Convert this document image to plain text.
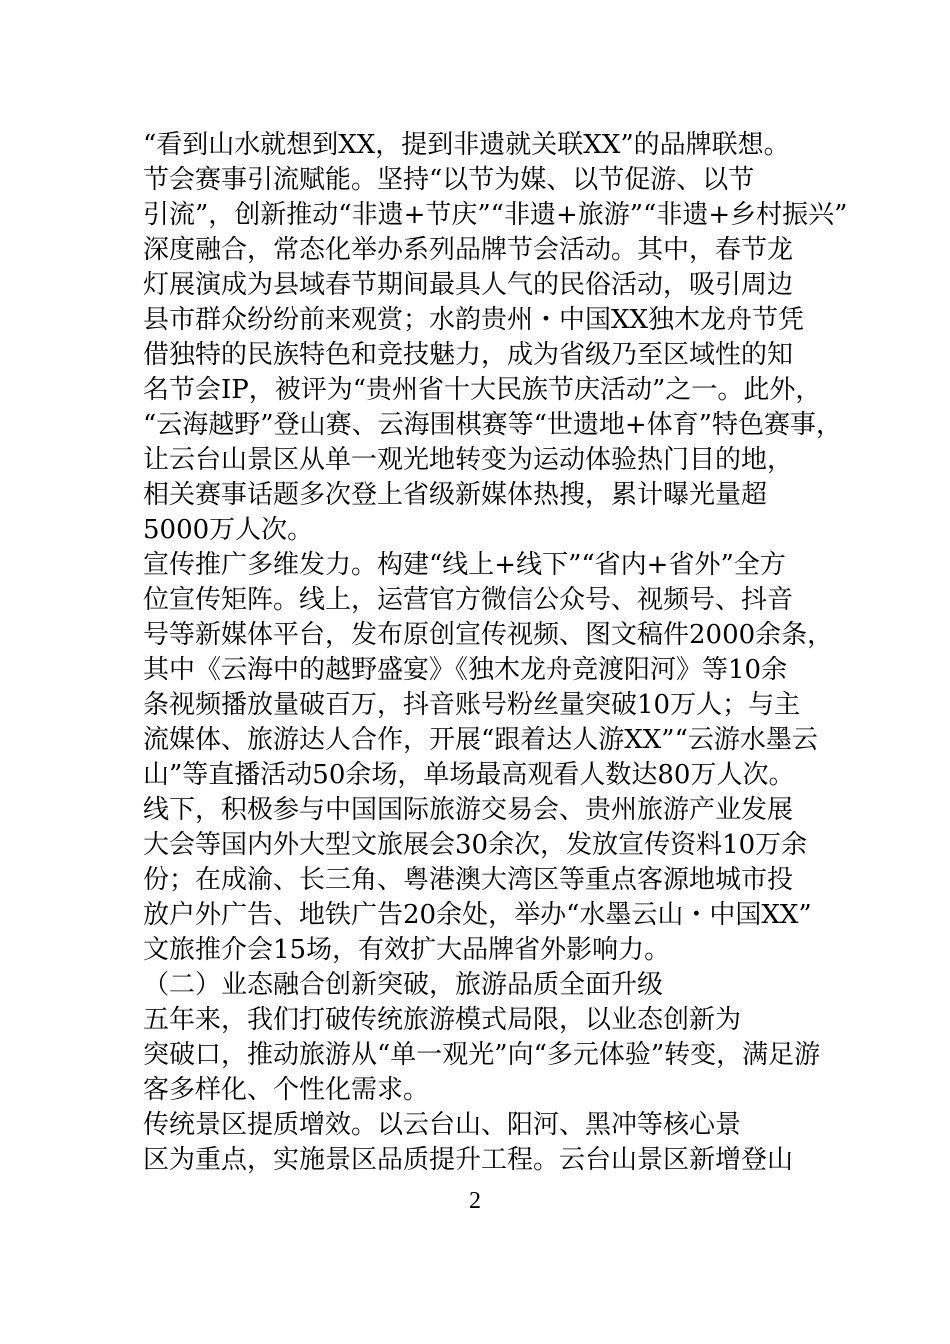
“看到山水就想到XX，提到非遗就关联XX”的品牌联想。
节会赛事引流赋能。坚持“以节为媒、以节促游、以节
引流”，创新推动“非遗+节庆”“非遗+旅游”“非遗+乡村振兴”
深度融合，常态化举办系列品牌节会活动。其中，春节龙
灯展演成为县域春节期间最具人气的民俗活动，吸引周边
县市群众纷纷前来观赏；水韵贵州・中国XX独木龙舟节凭
借独特的民族特色和竞技魅力，成为省级乃至区域性的知
名节会IP，被评为“贵州省十大民族节庆活动”之一。此外，
“云海越野”登山赛、云海围棋赛等“世遗地+体育”特色赛事，
让云台山景区从单一观光地转变为运动体验热门目的地，
相关赛事话题多次登上省级新媒体热搜，累计曝光量超
5000万人次。
宣传推广多维发力。构建“线上+线下”“省内+省外”全方
位宣传矩阵。线上，运营官方微信公众号、视频号、抖音
号等新媒体平台，发布原创宣传视频、图文稿件2000余条，
其中《云海中的越野盛宴》《独木龙舟竞渡阳河》等10余
条视频播放量破百万，抖音账号粉丝量突破10万人；与主
流媒体、旅游达人合作，开展“跟着达人游XX”“云游水墨云
山”等直播活动50余场，单场最高观看人数达80万人次。
线下，积极参与中国国际旅游交易会、贵州旅游产业发展
大会等国内外大型文旅展会30余次，发放宣传资料10万余
份；在成渝、长三角、粤港澳大湾区等重点客源地城市投
放户外广告、地铁广告20余处，举办“水墨云山・中国XX”
文旅推介会15场，有效扩大品牌省外影响力。
（二）业态融合创新突破，旅游品质全面升级
五年来，我们打破传统旅游模式局限，以业态创新为
突破口，推动旅游从“单一观光”向“多元体验”转变，满足游
客多样化、个性化需求。
传统景区提质增效。以云台山、阳河、黑冲等核心景
区为重点，实施景区品质提升工程。云台山景区新增登山
2
